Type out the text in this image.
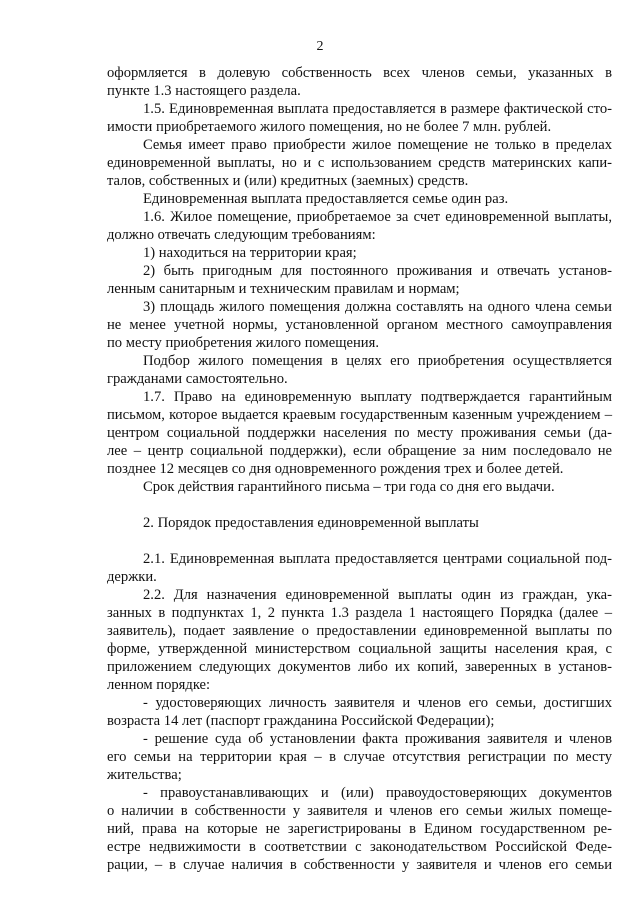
2
оформляется в долевую собственность всех членов семьи, указанных в
пункте 1.3 настоящего раздела.
1.5. Единовременная выплата предоставляется в размере фактической сто-
имости приобретаемого жилого помещения, но не более 7 млн. рублей.
Семья имеет право приобрести жилое помещение не только в пределах
единовременной выплаты, но и с использованием средств материнских капи-
талов, собственных и (или) кредитных (заемных) средств.
Единовременная выплата предоставляется семье один раз.
1.6. Жилое помещение, приобретаемое за счет единовременной выплаты,
должно отвечать следующим требованиям:
1) находиться на территории края;
2) быть пригодным для постоянного проживания и отвечать установ-
ленным санитарным и техническим правилам и нормам;
3) площадь жилого помещения должна составлять на одного члена семьи
не менее учетной нормы, установленной органом местного самоуправления
по месту приобретения жилого помещения.
Подбор жилого помещения в целях его приобретения осуществляется
гражданами самостоятельно.
1.7. Право на единовременную выплату подтверждается гарантийным
письмом, которое выдается краевым государственным казенным учреждением –
центром социальной поддержки населения по месту проживания семьи (да-
лее – центр социальной поддержки), если обращение за ним последовало не
позднее 12 месяцев со дня одновременного рождения трех и более детей.
Срок действия гарантийного письма – три года со дня его выдачи.
2. Порядок предоставления единовременной выплаты
2.1. Единовременная выплата предоставляется центрами социальной под-
держки.
2.2. Для назначения единовременной выплаты один из граждан, ука-
занных в подпунктах 1, 2 пункта 1.3 раздела 1 настоящего Порядка (далее –
заявитель), подает заявление о предоставлении единовременной выплаты по
форме, утвержденной министерством социальной защиты населения края, с
приложением следующих документов либо их копий, заверенных в установ-
ленном порядке:
- удостоверяющих личность заявителя и членов его семьи, достигших
возраста 14 лет (паспорт гражданина Российской Федерации);
- решение суда об установлении факта проживания заявителя и членов
его семьи на территории края – в случае отсутствия регистрации по месту
жительства;
- правоустанавливающих и (или) правоудостоверяющих документов
о наличии в собственности у заявителя и членов его семьи жилых помеще-
ний, права на которые не зарегистрированы в Едином государственном ре-
естре недвижимости в соответствии с законодательством Российской Феде-
рации, – в случае наличия в собственности у заявителя и членов его семьи
